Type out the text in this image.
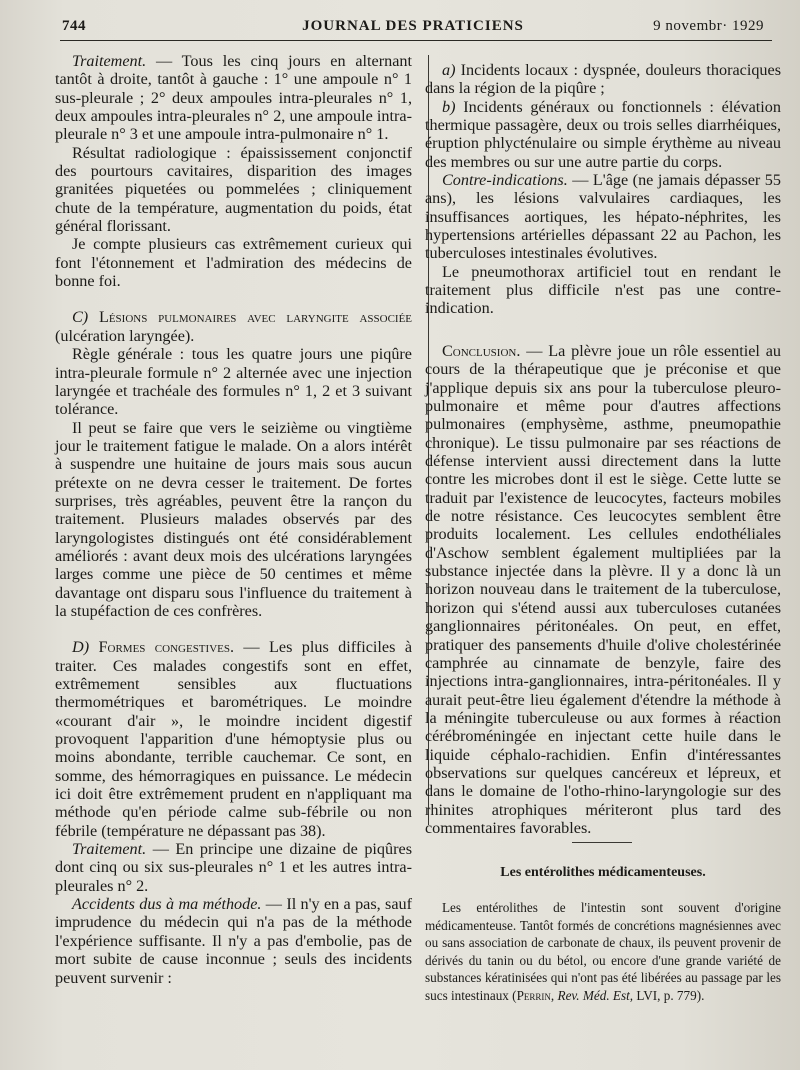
744	JOURNAL DES PRATICIENS	9 novembr· 1929

Traitement. — Tous les cinq jours en alternant tantôt à droite, tantôt à gauche : 1° une ampoule n° 1 sus-pleurale ; 2° deux ampoules intra-pleurales n° 1, deux ampoules intra-pleurales n° 2, une ampoule intra-pleurale n° 3 et une ampoule intra-pulmonaire n° 1.

Résultat radiologique : épaississement conjonctif des pourtours cavitaires, disparition des images granitées piquetées ou pommelées ; cliniquement chute de la température, augmentation du poids, état général florissant.

Je compte plusieurs cas extrêmement curieux qui font l'étonnement et l'admiration des médecins de bonne foi.

C) Lésions pulmonaires avec laryngite associée (ulcération laryngée).

Règle générale : tous les quatre jours une piqûre intra-pleurale formule n° 2 alternée avec une injection laryngée et trachéale des formules n° 1, 2 et 3 suivant tolérance.

Il peut se faire que vers le seizième ou vingtième jour le traitement fatigue le malade. On a alors intérêt à suspendre une huitaine de jours mais sous aucun prétexte on ne devra cesser le traitement. De fortes surprises, très agréables, peuvent être la rançon du traitement. Plusieurs malades observés par des laryngologistes distingués ont été considérablement améliorés : avant deux mois des ulcérations laryngées larges comme une pièce de 50 centimes et même davantage ont disparu sous l'influence du traitement à la stupéfaction de ces confrères.

D) Formes congestives. — Les plus difficiles à traiter. Ces malades congestifs sont en effet, extrêmement sensibles aux fluctuations thermométriques et barométriques. Le moindre «courant d'air », le moindre incident digestif provoquent l'apparition d'une hémoptysie plus ou moins abondante, terrible cauchemar. Ce sont, en somme, des hémorragiques en puissance. Le médecin ici doit être extrêmement prudent en n'appliquant ma méthode qu'en période calme sub-fébrile ou non fébrile (température ne dépassant pas 38).

Traitement. — En principe une dizaine de piqûres dont cinq ou six sus-pleurales n° 1 et les autres intra-pleurales n° 2.

Accidents dus à ma méthode. — Il n'y en a pas, sauf imprudence du médecin qui n'a pas de la méthode l'expérience suffisante. Il n'y a pas d'embolie, pas de mort subite de cause inconnue ; seuls des incidents peuvent survenir :

a) Incidents locaux : dyspnée, douleurs thoraciques dans la région de la piqûre ;

b) Incidents généraux ou fonctionnels : élévation thermique passagère, deux ou trois selles diarrhéiques, éruption phlycténulaire ou simple érythème au niveau des membres ou sur une autre partie du corps.

Contre-indications. — L'âge (ne jamais dépasser 55 ans), les lésions valvulaires cardiaques, les insuffisances aortiques, les hépato-néphrites, les hypertensions artérielles dépassant 22 au Pachon, les tuberculoses intestinales évolutives.

Le pneumothorax artificiel tout en rendant le traitement plus difficile n'est pas une contre-indication.

Conclusion. — La plèvre joue un rôle essentiel au cours de la thérapeutique que je préconise et que j'applique depuis six ans pour la tuberculose pleuro-pulmonaire et même pour d'autres affections pulmonaires (emphysème, asthme, pneumopathie chronique). Le tissu pulmonaire par ses réactions de défense intervient aussi directement dans la lutte contre les microbes dont il est le siège. Cette lutte se traduit par l'existence de leucocytes, facteurs mobiles de notre résistance. Ces leucocytes semblent être produits localement. Les cellules endothéliales d'Aschow semblent également multipliées par la substance injectée dans la plèvre. Il y a donc là un horizon nouveau dans le traitement de la tuberculose, horizon qui s'étend aussi aux tuberculoses cutanées ganglionnaires péritonéales. On peut, en effet, pratiquer des pansements d'huile d'olive cholestérinée camphrée au cinnamate de benzyle, faire des injections intra-ganglionnaires, intra-péritonéales. Il y aurait peut-être lieu également d'étendre la méthode à la méningite tuberculeuse ou aux formes à réaction cérébroméningée en injectant cette huile dans le liquide céphalo-rachidien. Enfin d'intéressantes observations sur quelques cancéreux et lépreux, et dans le domaine de l'otho-rhino-laryngologie sur des rhinites atrophiques mériteront plus tard des commentaires favorables.

Les entérolithes médicamenteuses.

Les entérolithes de l'intestin sont souvent d'origine médicamenteuse. Tantôt formés de concrétions magnésiennes avec ou sans association de carbonate de chaux, ils peuvent provenir de dérivés du tanin ou du bétol, ou encore d'une grande variété de substances kératinisées qui n'ont pas été libérées au passage par les sucs intestinaux (Perrin, Rev. Méd. Est, LVI, p. 779).
